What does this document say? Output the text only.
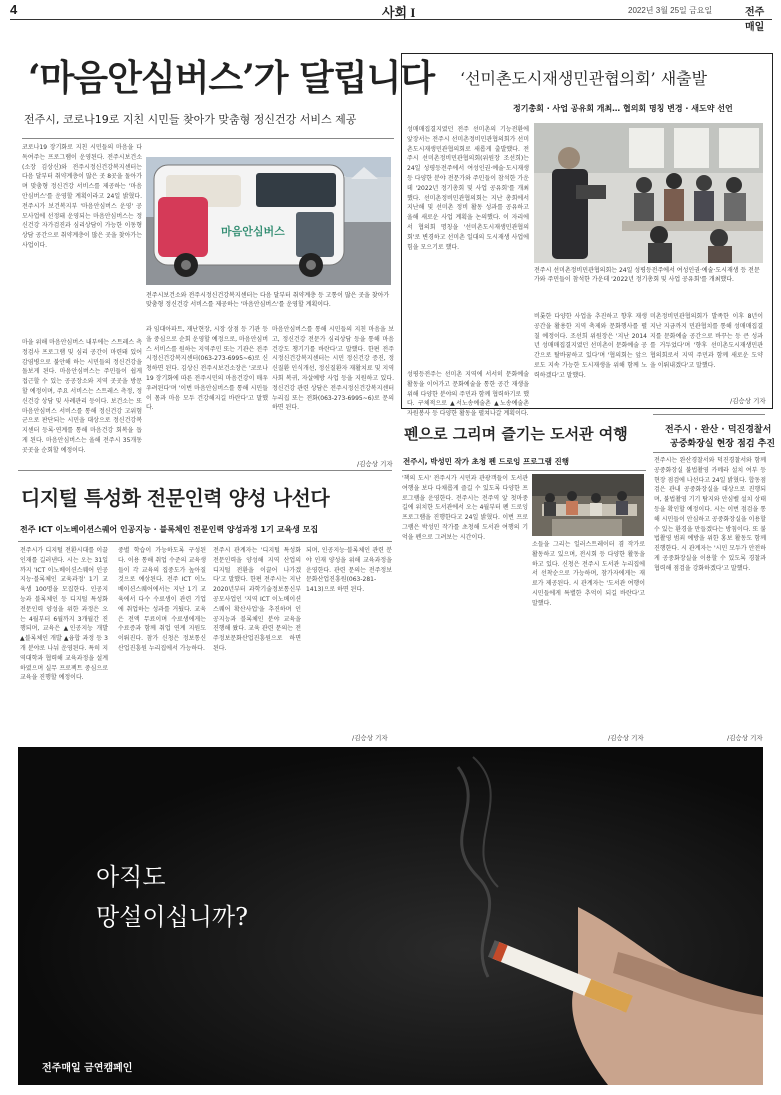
4	사회 I	2022년 3월 25일 금요일	전주매일
‘마음안심버스’가 달립니다
전주시, 코로나19로 지친 시민들 찾아가 맞춤형 정신건강 서비스 제공
코로나19 장기화로 지친 시민들의 마음을 다독여주는 프로그램이 운영된다. 전주시보건소(소장 김상신)와 전주시정신건강복지센터는 다음 달부터 취약계층이 많은 곳 8곳을 돌아가며 맞춤형 정신건강 서비스를 제공하는 '마음안심버스'를 운영할 계획이라고 24일 밝혔다. 전주시가 보건복지부 '마음안심버스 운영' 공모사업에 선정돼 운영되는 마음안심버스는 정신건강 자가검진과 심리상담이 가능한 이동형 상담 공간으로 취약계층이 많은 곳을 찾아가는 사업이다.
마을 위해 마음안심버스 내부에는 스트레스 측정검사 프로그램 및 심리 공간이 마련돼 있어 감염병으로 불안해 하는 시민들의 정신건강을 돌보게 된다. 마음안심버스는 주민들이 쉽게 접근할 수 있는 공공장소와 지역 곳곳을 방문할 예정이며, 주요 서비스는 스트레스 측정, 정신건강 상담 및 사례관리 등이다. 보건소는 또 마음안심버스 서비스를 통해 정신건강 고위험군으로 판단되는 시민을 대상으로 정신건강복지센터 등록·연계를 통해 마음건강 회복을 돕게 된다. 마음안심버스는 올해 전주시 35개동 곳곳을 순회할 예정이다.
마음안심버스
전주시보건소와 전주시정신건강복지센터는 다음 달부터 취약계층 등 고통이 많은 곳을 찾아가 맞춤형 정신건강 서비스를 제공하는 '마음안심버스'를 운영할 계획이다.
과 임대아파트, 재난현장, 시장 상점 등 기관 등을 중심으로 순회 운영할 예정으로, 마음안심버스 서비스를 원하는 지역주민 또는 기관은 전주시정신건강복지센터(063-273-6995~6)로 신청하면 된다. 김상신 전주시보건소장은 '코로나19 장기화에 따른 전주시민의 마음건강이 매우 우려된다'며 '이번 마음안심버스를 통해 시민들이 몸과 마음 모두 건강해지길 바란다'고 말했다.
마음안심버스를 통해 시민들의 지친 마음을 보고, 정신건강 전문가 심리상담 등을 통해 마음건강도 챙기기를 바란다'고 말했다. 한편 전주시정신건강복지센터는 시민 정신건강 증진, 정신질환 인식개선, 정신질환자 재활치료 및 지역사회 복귀, 자살예방 사업 등을 지원하고 있다. 정신건강 관련 상담은 전주시정신건강복지센터 누리집 또는 전화(063-273-6995~6)로 문의하면 된다.
/김승상 기자
‘선미촌도시재생민관협의회’ 새출발
정기총회 · 사업 공유회 개최… 협의회 명칭 변경 · 새도약 선언
성매매집결지였던 전주 선미촌의 기능전환에 앞장서는 전주시 선미촌정비민관협의회가 선미촌도시재생민관협의회로 새롭게 출발했다. 전주시 선미촌정비민관협의회(위원장 조선희)는 24일 성평등전주에서 여성인권·예술·도시재생 등 다양한 분야 전문가와 주민들이 참석한 가운데 '2022년 정기총회 및 사업 공유회'를 개최했다. 선미촌정비민관협의회는 지난 총회에서 지난해 및 선미촌 정비 활동 성과를 공유하고 올해 새로운 사업 계획을 논의했다. 이 자리에서 협의회 명칭을 '선미촌도시재생민관협의회'로 변경하고 선미촌 일대의 도시재생 사업에 힘을 모으기로 했다.
성평등전주는 선미촌 지역에 서서히 문화예술 활동을 이어가고 문화예술을 통한 공간 재생을 위해 다양한 분야의 주민과 함께 협력하기로 했다. 구체적으로 ▲서노송예술촌 ▲노송예술촌 자원봉사 등 다양한 활동을 펼쳐나갈 계획이다.
전주시 선미촌정비민관협의회는 24일 성평등전주에서 여성인권·예술·도시재생 등 전문가와 주민들이 참석한 가운데 '2022년 정기총회 및 사업 공유회'를 개최했다.
비롯한 다양한 사업을 추진하고 향후 재생 공간을 활용한 지역 축제와 문화행사를 펼칠 예정이다. 조선희 위원장은 '지난 2014년 성매매집결지였던 선미촌이 문화예술 공간으로 탈바꿈하고 있다'며 '협의회는 앞으로도 지속 가능한 도시재생을 위해 함께 노력하겠다'고 말했다.
미촌정비민관협의회가 발족한 이후 8년이 지난 지금까지 민관협치를 통해 성매매집결지를 문화예술 공간으로 바꾸는 등 큰 성과를 거두었다'며 '향후 선미촌도시재생민관협의회로서 지역 주민과 함께 새로운 도약을 이뤄내겠다'고 말했다.
/김승상 기자
디지털 특성화 전문인력 양성 나선다
전주 ICT 이노베이션스퀘어 인공지능 · 블록체인 전문인력 양성과정 1기 교육생 모집
전주시가 디지털 전환시대를 이끌 인재를 길러낸다. 시는 오는 31일까지 'ICT 이노베이션스퀘어 인공지능·블록체인 교육과정' 1기 교육생 100명을 모집한다. 인공지능과 블록체인 등 디지털 특성화 전문인력 양성을 위한 과정은 오는 4월부터 6월까지 3개월간 진행되며, 교육은 ▲인공지능 개발 ▲블록체인 개발 ▲융합 과정 등 3개 분야로 나눠 운영된다. 특히 지역대학과 협력해 교육과정을 설계하였으며 실무 프로젝트 중심으로 교육을 진행할 예정이다.
중별 학습이 가능하도록 구성된다. 이용 통해 취업 수준의 교육생들이 각 교육의 집중도가 높아질 것으로 예상된다. 전주 ICT 이노베이션스퀘어에서는 지난 1기 교육에서 다수 수료생이 관련 기업에 취업하는 성과를 거뒀다. 교육은 전액 무료이며 수료생에게는 수료증과 함께 취업 연계 지원도 이뤄진다. 참가 신청은 정보통신산업진흥원 누리집에서 가능하다.
전주시 관계자는 '디지털 특성화 전문인력을 양성해 지역 산업의 디지털 전환을 이끌어 나가겠다'고 말했다. 한편 전주시는 지난 2020년부터 과학기술정보통신부 공모사업인 '지역 ICT 이노베이션스퀘어 확산사업'을 추진하며 인공지능과 블록체인 분야 교육을 진행해 왔다. 교육 관련 문의는 전주정보문화산업진흥원으로 하면 된다.
되며, 인공지능·블록체인 관련 분야 인재 양성을 위해 교육과정을 운영한다. 관련 문의는 전주정보문화산업진흥원(063-281-1413)으로 하면 된다.
/김승상 기자
펜으로 그리며 즐기는 도서관 여행
전주시, 박성민 작가 초청 펜 드로잉 프로그램 진행
'책의 도시' 전주시가 시민과 관광객들이 도서관 여행을 보다 다채롭게 즐길 수 있도록 다양한 프로그램을 운영한다. 전주시는 전주역 앞 첫마중길에 위치한 도서관에서 오는 4월부터 펜 드로잉 프로그램을 진행한다고 24일 밝혔다. 이번 프로그램은 박성민 작가를 초청해 도서관 여행의 기억을 펜으로 그려보는 시간이다.
소들을 그리는 일러스트레이터 겸 작가로 활동하고 있으며, 전시회 등 다양한 활동을 하고 있다. 신청은 전주시 도서관 누리집에서 선착순으로 가능하며, 참가자에게는 재료가 제공된다. 시 관계자는 '도서관 여행이 시민들에게 특별한 추억이 되길 바란다'고 말했다.
/김승상 기자
전주시 · 완산 · 덕진경찰서
공중화장실 현장 점검 추진
전주시는 완산경찰서와 덕진경찰서와 함께 공중화장실 불법촬영 카메라 설치 여부 등 현장 점검에 나선다고 24일 밝혔다. 합동점검은 관내 공중화장실을 대상으로 진행되며, 불법촬영 기기 탐지와 안심벨 설치 상태 등을 확인할 예정이다. 시는 이번 점검을 통해 시민들이 안심하고 공중화장실을 이용할 수 있는 환경을 만들겠다는 방침이다. 또 불법촬영 범죄 예방을 위한 홍보 활동도 함께 진행한다. 시 관계자는 '시민 모두가 안전하게 공중화장실을 이용할 수 있도록 경찰과 협력해 점검을 강화하겠다'고 말했다.
/김승상 기자
아직도
망설이십니까?
전주매일 금연캠페인
